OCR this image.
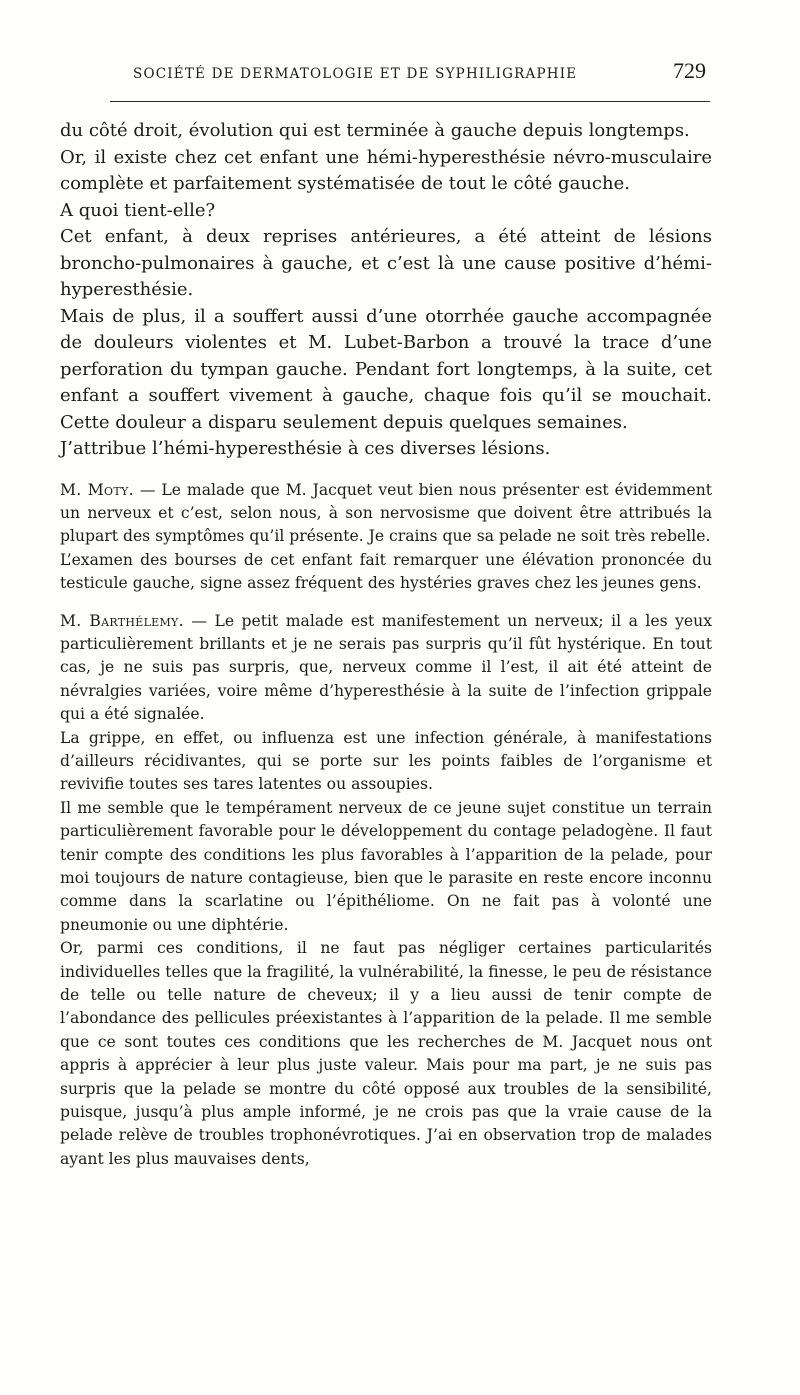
SOCIÉTÉ DE DERMATOLOGIE ET DE SYPHILIGRAPHIE	729

du côté droit, évolution qui est terminée à gauche depuis longtemps.

Or, il existe chez cet enfant une hémi-hyperesthésie névro-musculaire complète et parfaitement systématisée de tout le côté gauche.

A quoi tient-elle?

Cet enfant, à deux reprises antérieures, a été atteint de lésions broncho-pulmonaires à gauche, et c’est là une cause positive d’hémi-hyperesthésie.

Mais de plus, il a souffert aussi d’une otorrhée gauche accompagnée de douleurs violentes et M. Lubet-Barbon a trouvé la trace d’une perforation du tympan gauche. Pendant fort longtemps, à la suite, cet enfant a souffert vivement à gauche, chaque fois qu’il se mouchait. Cette douleur a disparu seulement depuis quelques semaines.

J’attribue l’hémi-hyperesthésie à ces diverses lésions.

M. Moty. — Le malade que M. Jacquet veut bien nous présenter est évidemment un nerveux et c’est, selon nous, à son nervosisme que doivent être attribués la plupart des symptômes qu’il présente. Je crains que sa pelade ne soit très rebelle.

L’examen des bourses de cet enfant fait remarquer une élévation prononcée du testicule gauche, signe assez fréquent des hystéries graves chez les jeunes gens.

M. Barthélemy. — Le petit malade est manifestement un nerveux; il a les yeux particulièrement brillants et je ne serais pas surpris qu’il fût hystérique. En tout cas, je ne suis pas surpris, que, nerveux comme il l’est, il ait été atteint de névralgies variées, voire même d’hyperesthésie à la suite de l’infection grippale qui a été signalée.

La grippe, en effet, ou influenza est une infection générale, à manifestations d’ailleurs récidivantes, qui se porte sur les points faibles de l’organisme et revivifie toutes ses tares latentes ou assoupies.

Il me semble que le tempérament nerveux de ce jeune sujet constitue un terrain particulièrement favorable pour le développement du contage peladogène. Il faut tenir compte des conditions les plus favorables à l’apparition de la pelade, pour moi toujours de nature contagieuse, bien que le parasite en reste encore inconnu comme dans la scarlatine ou l’épithéliome. On ne fait pas à volonté une pneumonie ou une diphtérie.

Or, parmi ces conditions, il ne faut pas négliger certaines particularités individuelles telles que la fragilité, la vulnérabilité, la finesse, le peu de résistance de telle ou telle nature de cheveux; il y a lieu aussi de tenir compte de l’abondance des pellicules préexistantes à l’apparition de la pelade. Il me semble que ce sont toutes ces conditions que les recherches de M. Jacquet nous ont appris à apprécier à leur plus juste valeur. Mais pour ma part, je ne suis pas surpris que la pelade se montre du côté opposé aux troubles de la sensibilité, puisque, jusqu’à plus ample informé, je ne crois pas que la vraie cause de la pelade relève de troubles trophonévrotiques. J’ai en observation trop de malades ayant les plus mauvaises dents,
